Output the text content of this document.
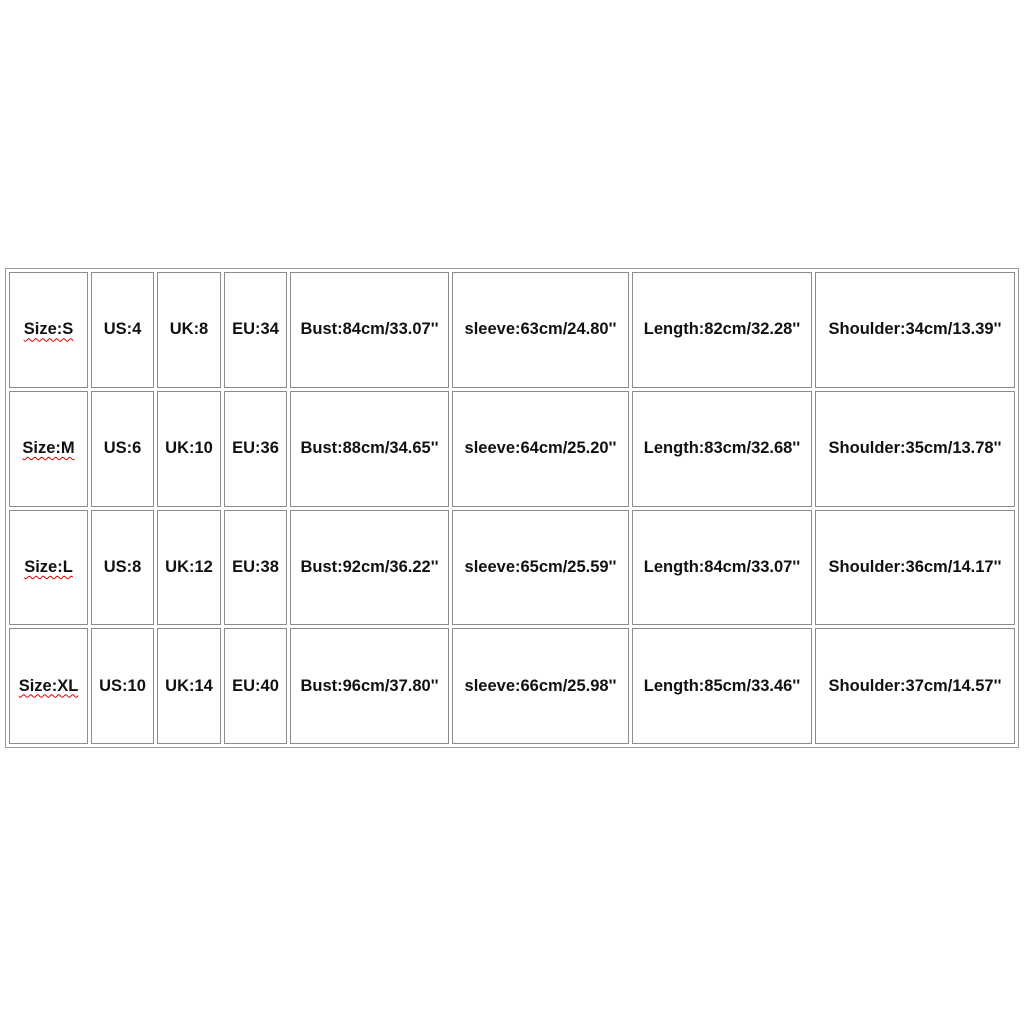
Size:S	US:4	UK:8	EU:34	Bust:84cm/33.07''	sleeve:63cm/24.80''	Length:82cm/32.28''	Shoulder:34cm/13.39''
Size:M	US:6	UK:10	EU:36	Bust:88cm/34.65''	sleeve:64cm/25.20''	Length:83cm/32.68''	Shoulder:35cm/13.78''
Size:L	US:8	UK:12	EU:38	Bust:92cm/36.22''	sleeve:65cm/25.59''	Length:84cm/33.07''	Shoulder:36cm/14.17''
Size:XL	US:10	UK:14	EU:40	Bust:96cm/37.80''	sleeve:66cm/25.98''	Length:85cm/33.46''	Shoulder:37cm/14.57''
